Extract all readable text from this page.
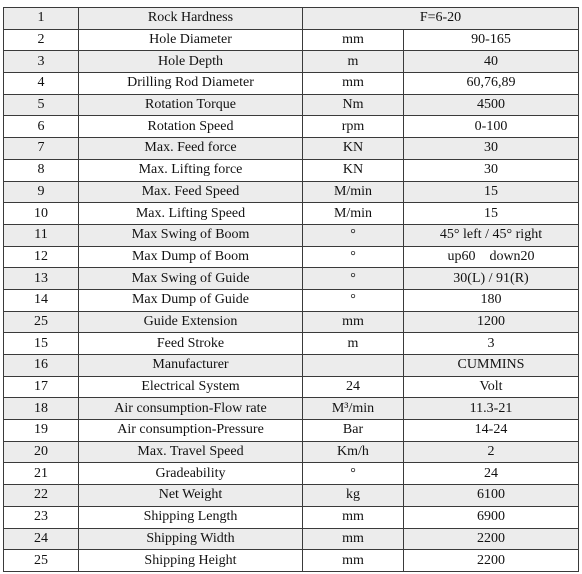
1	Rock Hardness	F=6-20	
2	Hole Diameter	mm	90-165
3	Hole Depth	m	40
4	Drilling Rod Diameter	mm	60,76,89
5	Rotation Torque	Nm	4500
6	Rotation Speed	rpm	0-100
7	Max. Feed force	KN	30
8	Max. Lifting force	KN	30
9	Max. Feed Speed	M/min	15
10	Max. Lifting Speed	M/min	15
11	Max Swing of Boom	°	45° left / 45° right
12	Max Dump of Boom	°	up60    down20
13	Max Swing of Guide	°	30(L) / 91(R)
14	Max Dump of Guide	°	180
25	Guide Extension	mm	1200
15	Feed Stroke	m	3
16	Manufacturer		CUMMINS
17	Electrical System	24	Volt
18	Air consumption-Flow rate	M³/min	11.3-21
19	Air consumption-Pressure	Bar	14-24
20	Max. Travel Speed	Km/h	2
21	Gradeability	°	24
22	Net Weight	kg	6100
23	Shipping Length	mm	6900
24	Shipping Width	mm	2200
25	Shipping Height	mm	2200
